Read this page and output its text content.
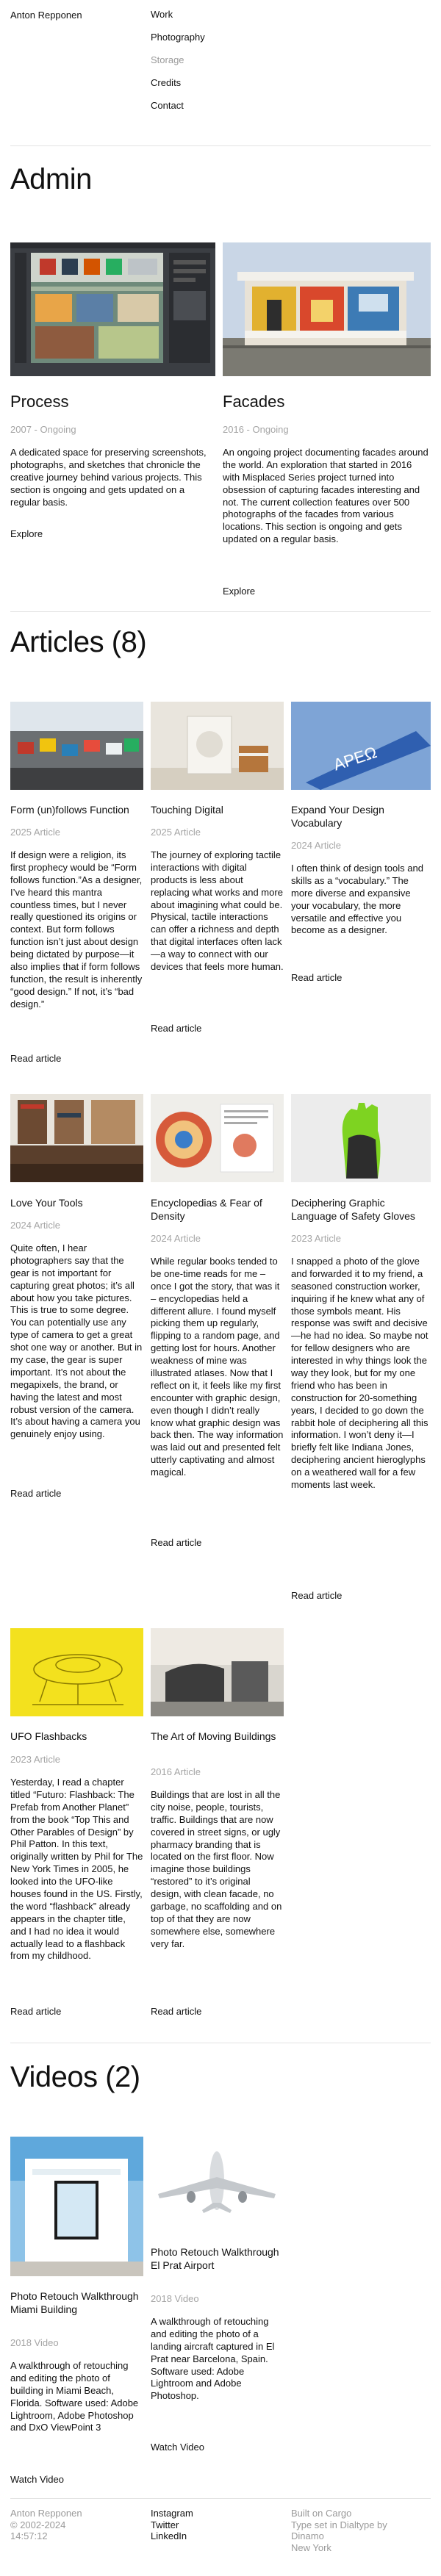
Anton Repponen	Work
Photography
Storage
Credits
Contact
Admin
Process
2007 - Ongoing
A dedicated space for preserving screenshots, photographs, and sketches that chronicle the creative journey behind various projects. This section is ongoing and gets updated on a regular basis.
Explore
Facades
2016 - Ongoing
An ongoing project documenting facades around the world. An exploration that started in 2016 with Misplaced Series project turned into obsession of capturing facades interesting and not. The current collection features over 500 photographs of the facades from various locations. This section is ongoing and gets updated on a regular basis.
Explore
Articles (8)
ΑΡΕΩ
Form (un)follows Function
2025 Article
If design were a religion, its first prophecy would be “Form follows function.”As a designer, I’ve heard this mantra countless times, but I never really questioned its origins or context. But form follows function isn’t just about design being dictated by purpose—it also implies that if form follows function, the result is inherently “good design.” If not, it’s “bad design.”
Read article
Touching Digital
2025 Article
The journey of exploring tactile interactions with digital products is less about replacing what works and more about imagining what could be. Physical, tactile interactions can offer a richness and depth that digital interfaces often lack—a way to connect with our devices that feels more human.
Read article
Expand Your Design Vocabulary
2024 Article
I often think of design tools and skills as a “vocabulary.” The more diverse and expansive your vocabulary, the more versatile and effective you become as a designer.
Read article
Love Your Tools
2024 Article
Quite often, I hear photographers say that the gear is not important for capturing great photos; it’s all about how you take pictures. This is true to some degree. You can potentially use any type of camera to get a great shot one way or another. But in my case, the gear is super important. It’s not about the megapixels, the brand, or having the latest and most robust version of the camera. It’s about having a camera you genuinely enjoy using.
Read article
Encyclopedias & Fear of Density
2024 Article
While regular books tended to be one-time reads for me – once I got the story, that was it – encyclopedias held a different allure. I found myself picking them up regularly, flipping to a random page, and getting lost for hours. Another weakness of mine was illustrated atlases. Now that I reflect on it, it feels like my first encounter with graphic design, even though I didn’t really know what graphic design was back then. The way information was laid out and presented felt utterly captivating and almost magical.
Read article
Deciphering Graphic Language of Safety Gloves
2023 Article
I snapped a photo of the glove and forwarded it to my friend, a seasoned construction worker, inquiring if he knew what any of those symbols meant. His response was swift and decisive—he had no idea. So maybe not for fellow designers who are interested in why things look the way they look, but for my one friend who has been in construction for 20-something years, I decided to go down the rabbit hole of deciphering all this information. I won’t deny it—I briefly felt like Indiana Jones, deciphering ancient hieroglyphs on a weathered wall for a few moments last week.
Read article
UFO Flashbacks
2023 Article
Yesterday, I read a chapter titled “Futuro: Flashback: The Prefab from Another Planet” from the book “Top This and Other Parables of Design” by Phil Patton. In this text, originally written by Phil for The New York Times in 2005, he looked into the UFO-like houses found in the US. Firstly, the word “flashback” already appears in the chapter title, and I had no idea it would actually lead to a flashback from my childhood.
Read article
The Art of Moving Buildings
2016 Article
Buildings that are lost in all the city noise, people, tourists, traffic. Buildings that are now covered in street signs, or ugly pharmacy branding that is located on the first floor. Now imagine those buildings “restored” to it’s original design, with clean facade, no garbage, no scaffolding and on top of that they are now somewhere else, somewhere very far.
Read article
Videos (2)
Photo Retouch Walkthrough Miami Building
2018 Video
A walkthrough of retouching and editing the photo of building in Miami Beach, Florida. Software used: Adobe Lightroom, Adobe Photoshop and DxO ViewPoint 3
Watch Video
Photo Retouch Walkthrough El Prat Airport
2018 Video
A walkthrough of retouching and editing the photo of a landing aircraft captured in El Prat near Barcelona, Spain. Software used: Adobe Lightroom and Adobe Photoshop.
Watch Video
Anton Repponen
© 2002-2024
14:57:12
Instagram
Twitter
LinkedIn
Built on Cargo
Type set in Dialtype by
Dinamo
New York
